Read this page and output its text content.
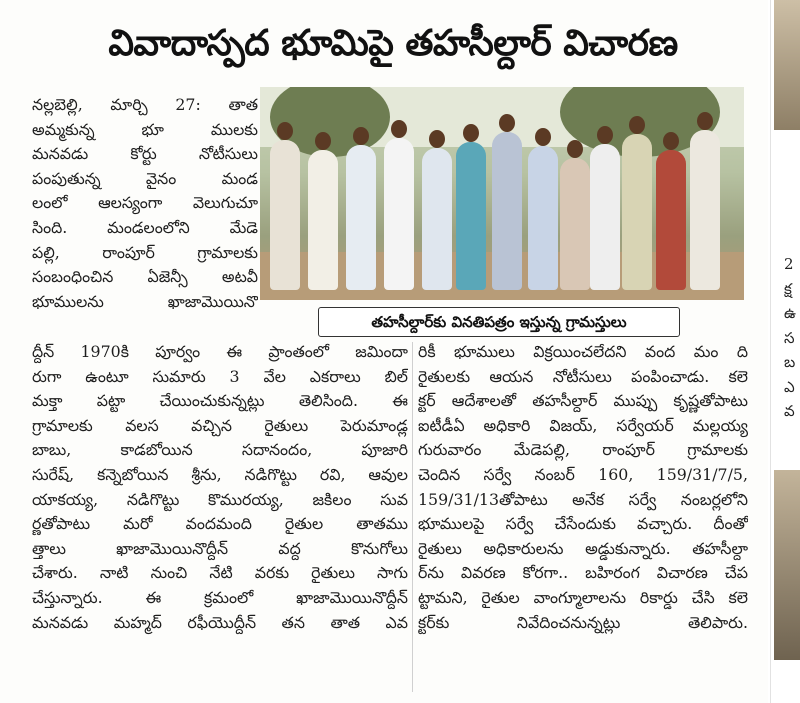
వివాదాస్పద భూమిపై తహసీల్దార్ విచారణ
నల్లబెల్లి, మార్చి 27: తాత
అమ్మకున్న భూ ములకు
మనవడు కోర్టు నోటీసులు
పంపుతున్న వైనం మండ
లంలో ఆలస్యంగా వెలుగుచూ
సింది. మండలంలోని మేడె
పల్లి, రాంపూర్ గ్రామాలకు
సంబంధించిన ఏజెన్సీ అటవీ
భూములను ఖాజామొయినొ
తహసీల్దార్‌కు వినతిపత్రం ఇస్తున్న గ్రామస్తులు
ద్దీన్ 1970కి పూర్వం ఈ ప్రాంతంలో జమిందా
రుగా ఉంటూ సుమారు 3 వేల ఎకరాలు బిల్
మక్తా పట్టా చేయించుకున్నట్లు తెలిసింది. ఈ
గ్రామాలకు వలస వచ్చిన రైతులు పెరుమాండ్ల
బాబు, కాడబోయిన సదానందం, పూజారి
సురేష్, కన్నెబోయిన శ్రీను, నడిగొట్టు రవి, ఆవుల
యాకయ్య, నడిగొట్టు కొమురయ్య, జకిలం సువ
ర్ణతోపాటు మరో వందమంది రైతుల తాతము
త్తాలు ఖాజామొయినొద్దీన్ వద్ద కొనుగోలు
చేశారు. నాటి నుంచి నేటి వరకు రైతులు సాగు
చేస్తున్నారు. ఈ క్రమంలో ఖాజామొయినొద్దీన్
మనవడు మహ్మద్ రఫీయొద్దీన్ తన తాత ఎవ
రికీ భూములు విక్రయించలేదని వంద మం ది
రైతులకు ఆయన నోటీసులు పంపించాడు. కలె
క్టర్ ఆదేశాలతో తహసీల్దార్ ముప్పు కృష్ణతోపాటు
ఐటీడీఏ అధికారి విజయ్, సర్వేయర్ మల్లయ్య
గురువారం మేడెపల్లి, రాంపూర్ గ్రామాలకు
చెందిన సర్వే నంబర్ 160, 159/31/7/5,
159/31/13తోపాటు అనేక సర్వే నంబర్లలోని
భూములపై సర్వే చేసేందుకు వచ్చారు. దీంతో
రైతులు అధికారులను అడ్డుకున్నారు. తహసీల్దా
ర్‌ను వివరణ కోరగా.. బహిరంగ విచారణ చేప
ట్టామని, రైతుల వాంగ్మూలాలను రికార్డు చేసి కలె
క్టర్‌కు నివేదించనున్నట్లు తెలిపారు.
2
క్ష
ఉ
స
బ
ఎ
వ
